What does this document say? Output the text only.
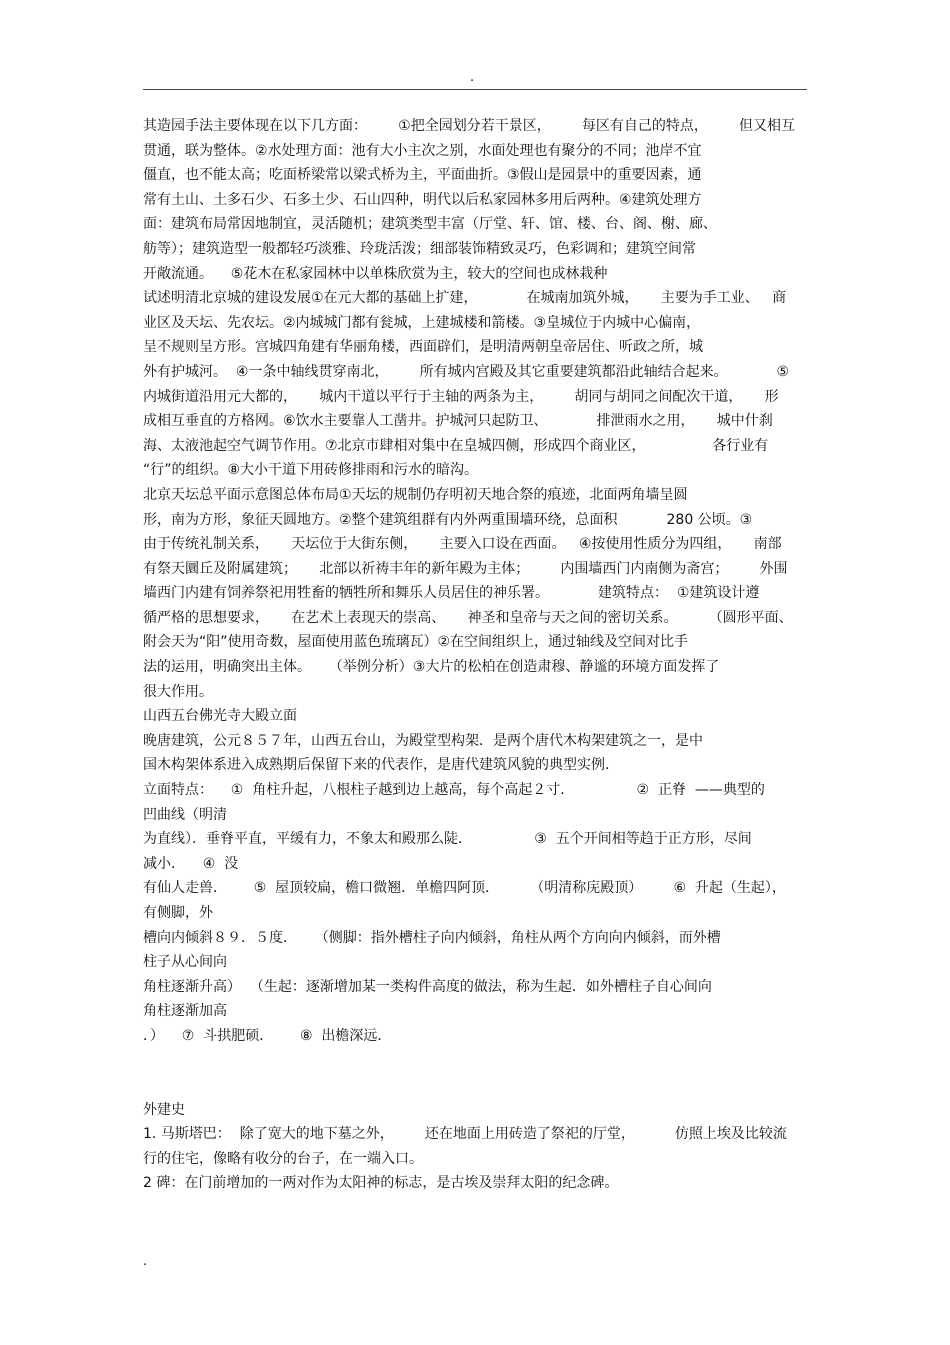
.
其造园手法主要体现在以下几方面：       ①把全园划分若干景区，       每区有自己的特点，       但又相互
贯通，联为整体。②水处理方面：池有大小主次之别，水面处理也有聚分的不同；池岸不宜
僵直，也不能太高；吃面桥梁常以梁式桥为主，平面曲折。③假山是园景中的重要因素，通
常有土山、土多石少、石多土少、石山四种，明代以后私家园林多用后两种。④建筑处理方
面：建筑布局常因地制宜，灵活随机；建筑类型丰富（厅堂、轩、馆、楼、台、阁、榭、廊、
舫等）；建筑造型一般都轻巧淡雅、玲珑活泼；细部装饰精致灵巧，色彩调和；建筑空间常
开敞流通。    ⑤花木在私家园林中以单株欣赏为主，较大的空间也成林栽种
试述明清北京城的建设发展①在元大都的基础上扩建，           在城南加筑外城，     主要为手工业、   商
业区及天坛、先农坛。②内城城门都有瓮城，上建城楼和箭楼。③皇城位于内城中心偏南，
呈不规则呈方形。宫城四角建有华丽角楼，西面辟们，是明清两朝皇帝居住、听政之所，城
外有护城河。  ④一条中轴线贯穿南北，       所有城内宫殿及其它重要建筑都沿此轴结合起来。           ⑤
内城街道沿用元大都的，     城内干道以平行于主轴的两条为主，       胡同与胡同之间配次干道，     形
成相互垂直的方格网。⑥饮水主要靠人工凿井。护城河只起防卫、           排泄雨水之用，     城中什刹
海、太液池起空气调节作用。⑦北京市肆相对集中在皇城四侧，形成四个商业区，               各行业有
“行”的组织。⑧大小干道下用砖修排雨和污水的暗沟。
北京天坛总平面示意图总体布局①天坛的规制仍存明初天地合祭的痕迹，北面两角墙呈圆
形，南为方形，象征天圆地方。②整个建筑组群有内外两重围墙环绕，总面积           280 公顷。③
由于传统礼制关系，     天坛位于大街东侧，     主要入口设在西面。   ④按使用性质分为四组，     南部
有祭天圜丘及附属建筑；     北部以祈祷丰年的新年殿为主体；       内围墙西门内南侧为斋宫；       外围
墙西门内建有饲养祭祀用牲畜的牺牲所和舞乐人员居住的神乐署。           建筑特点：  ①建筑设计遵
循严格的思想要求，     在艺术上表现天的崇高、     神圣和皇帝与天之间的密切关系。       （圆形平面、
附会天为“阳”使用奇数，屋面使用蓝色琉璃瓦）②在空间组织上，通过轴线及空间对比手
法的运用，明确突出主体。    （举例分析）③大片的松柏在创造肃穆、静谧的环境方面发挥了
很大作用。
山西五台佛光寺大殿立面
晚唐建筑，公元８５７年，山西五台山，为殿堂型构架．是两个唐代木构架建筑之一，是中
国木构架体系进入成熟期后保留下来的代表作，是唐代建筑风貌的典型实例．
立面特点：    ①  角柱升起，八根柱子越到边上越高，每个高起２寸．              ②  正脊  ——典型的
凹曲线（明清
为直线）．垂脊平直，平缓有力，不象太和殿那么陡．              ③  五个开间相等趋于正方形，尽间
减小．    ④  没
有仙人走兽．      ⑤  屋顶较扁，檐口微翘．单檐四阿顶．       （明清称庑殿顶）       ⑥  升起（生起），
有侧脚，外
槽向内倾斜８９．５度．    （侧脚：指外槽柱子向内倾斜，角柱从两个方向向内倾斜，而外槽
柱子从心间向
角柱逐渐升高）  （生起：逐渐增加某一类构件高度的做法，称为生起．如外槽柱子自心间向
角柱逐渐加高
．）    ⑦  斗拱肥硕．      ⑧  出檐深远．
外建史
1. 马斯塔巴：  除了宽大的地下墓之外，       还在地面上用砖造了祭祀的厅堂，         仿照上埃及比较流
行的住宅，像略有收分的台子，在一端入口。
2 碑：在门前增加的一两对作为太阳神的标志，是古埃及崇拜太阳的纪念碑。
.
